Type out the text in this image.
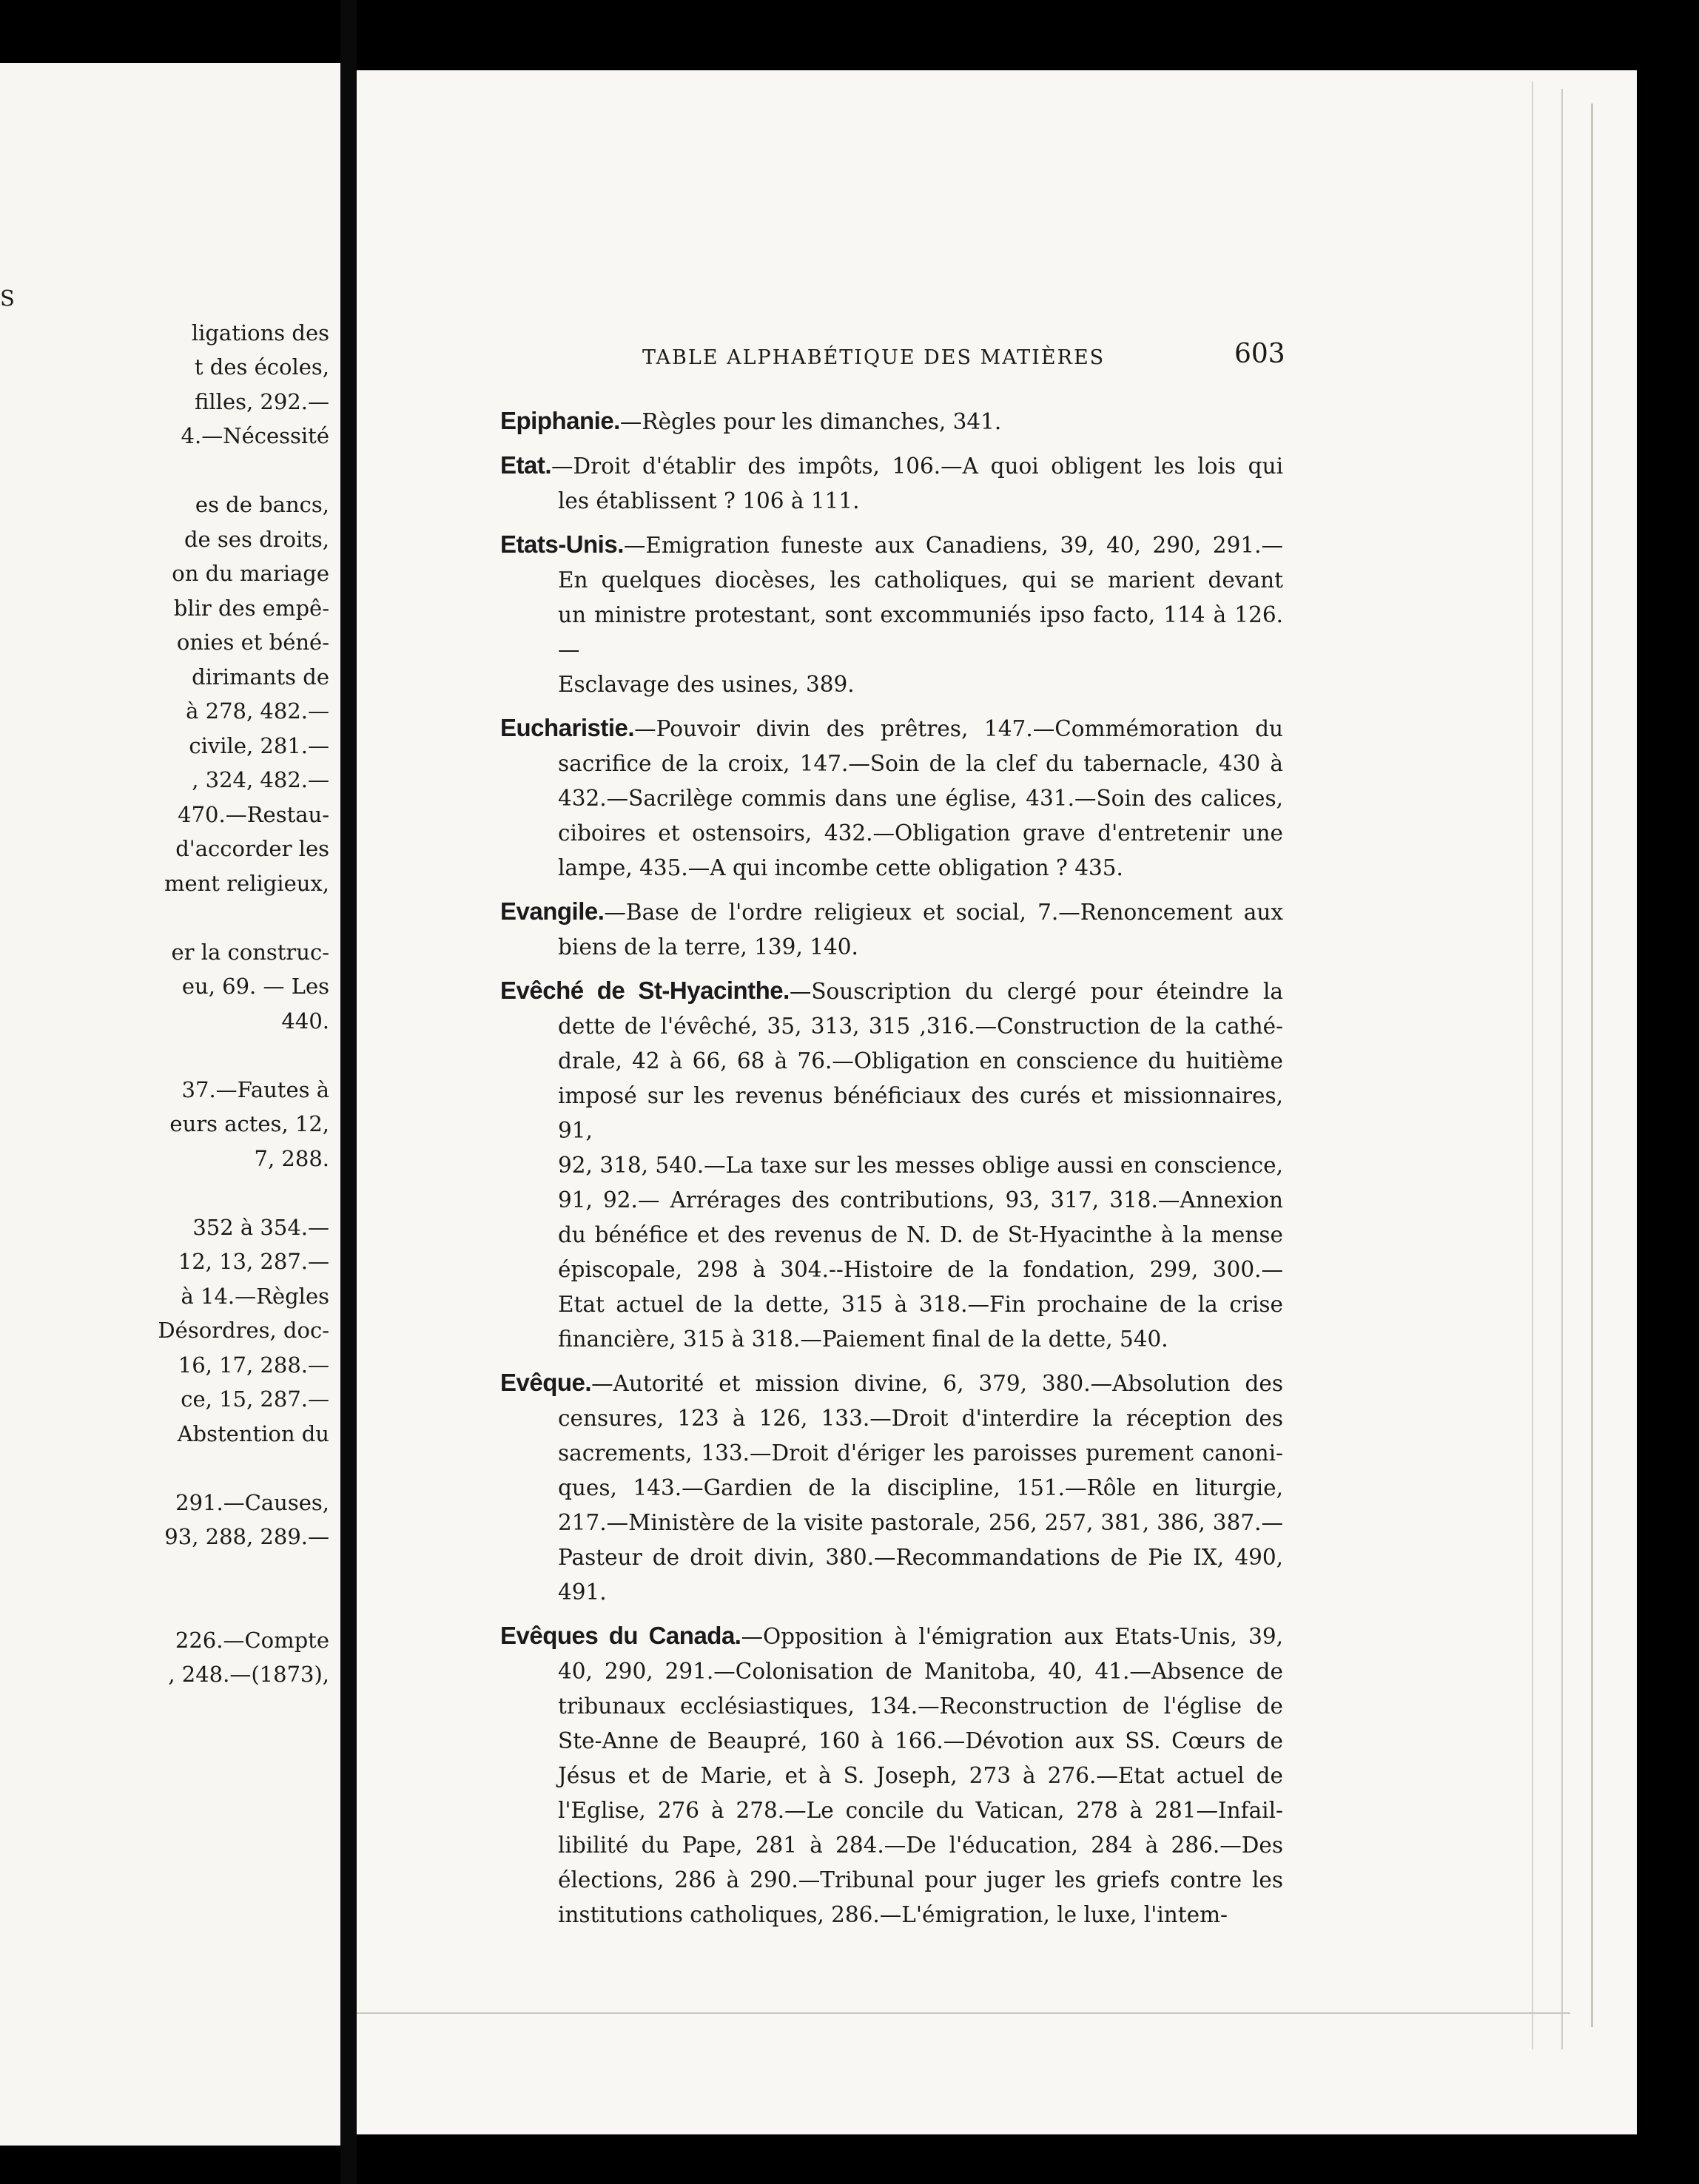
S
ligations des
t des écoles,
filles, 292.—
4.—Nécessité
es de bancs,
de ses droits,
on du mariage
blir des empê-
onies et béné-
dirimants de
à 278, 482.—
civile, 281.—
, 324, 482.—
470.—Restau-
d'accorder les
ment religieux,
er la construc-
eu, 69. — Les
440.
37.—Fautes à
eurs actes, 12,
7, 288.
352 à 354.—
12, 13, 287.—
à 14.—Règles
Désordres, doc-
16, 17, 288.—
ce, 15, 287.—
Abstention du
291.—Causes,
93, 288, 289.—
226.—Compte
, 248.—(1873),
TABLE ALPHABÉTIQUE DES MATIÈRES	603
Epiphanie.—Règles pour les dimanches, 341.
Etat.—Droit d'établir des impôts, 106.—A quoi obligent les lois qui
les établissent ? 106 à 111.
Etats-Unis.—Emigration funeste aux Canadiens, 39, 40, 290, 291.—
En quelques diocèses, les catholiques, qui se marient devant
un ministre protestant, sont excommuniés ipso facto, 114 à 126.—
Esclavage des usines, 389.
Eucharistie.—Pouvoir divin des prêtres, 147.—Commémoration du
sacrifice de la croix, 147.—Soin de la clef du tabernacle, 430 à
432.—Sacrilège commis dans une église, 431.—Soin des calices,
ciboires et ostensoirs, 432.—Obligation grave d'entretenir une
lampe, 435.—A qui incombe cette obligation ? 435.
Evangile.—Base de l'ordre religieux et social, 7.—Renoncement aux
biens de la terre, 139, 140.
Evêché de St-Hyacinthe.—Souscription du clergé pour éteindre la
dette de l'évêché, 35, 313, 315 ,316.—Construction de la cathé-
drale, 42 à 66, 68 à 76.—Obligation en conscience du huitième
imposé sur les revenus bénéficiaux des curés et missionnaires, 91,
92, 318, 540.—La taxe sur les messes oblige aussi en conscience,
91, 92.— Arrérages des contributions, 93, 317, 318.—Annexion
du bénéfice et des revenus de N. D. de St-Hyacinthe à la mense
épiscopale, 298 à 304.--Histoire de la fondation, 299, 300.—
Etat actuel de la dette, 315 à 318.—Fin prochaine de la crise
financière, 315 à 318.—Paiement final de la dette, 540.
Evêque.—Autorité et mission divine, 6, 379, 380.—Absolution des
censures, 123 à 126, 133.—Droit d'interdire la réception des
sacrements, 133.—Droit d'ériger les paroisses purement canoni-
ques, 143.—Gardien de la discipline, 151.—Rôle en liturgie,
217.—Ministère de la visite pastorale, 256, 257, 381, 386, 387.—
Pasteur de droit divin, 380.—Recommandations de Pie IX, 490,
491.
Evêques du Canada.—Opposition à l'émigration aux Etats-Unis, 39,
40, 290, 291.—Colonisation de Manitoba, 40, 41.—Absence de
tribunaux ecclésiastiques, 134.—Reconstruction de l'église de
Ste-Anne de Beaupré, 160 à 166.—Dévotion aux SS. Cœurs de
Jésus et de Marie, et à S. Joseph, 273 à 276.—Etat actuel de
l'Eglise, 276 à 278.—Le concile du Vatican, 278 à 281—Infail-
libilité du Pape, 281 à 284.—De l'éducation, 284 à 286.—Des
élections, 286 à 290.—Tribunal pour juger les griefs contre les
institutions catholiques, 286.—L'émigration, le luxe, l'intem-
